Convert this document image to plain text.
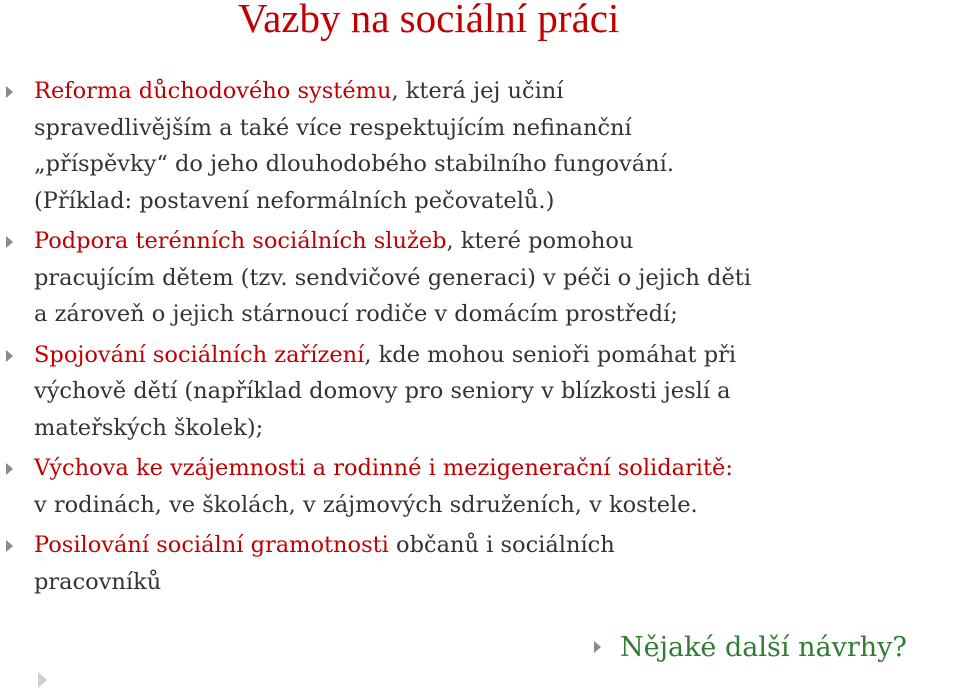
Vazby na sociální práci
Reforma důchodového systému, která jej učiní
spravedlivějším a také více respektujícím nefinanční
„příspěvky“ do jeho dlouhodobého stabilního fungování.
(Příklad: postavení neformálních pečovatelů.)
Podpora terénních sociálních služeb, které pomohou
pracujícím dětem (tzv. sendvičové generaci) v péči o jejich děti
a zároveň o jejich stárnoucí rodiče v domácím prostředí;
Spojování sociálních zařízení, kde mohou senioři pomáhat při
výchově dětí (například domovy pro seniory v blízkosti jeslí a
mateřských školek);
Výchova ke vzájemnosti a rodinné i mezigenerační solidaritě:
v rodinách, ve školách, v zájmových sdruženích, v kostele.
Posilování sociální gramotnosti občanů i sociálních
pracovníků
Nějaké další návrhy?
